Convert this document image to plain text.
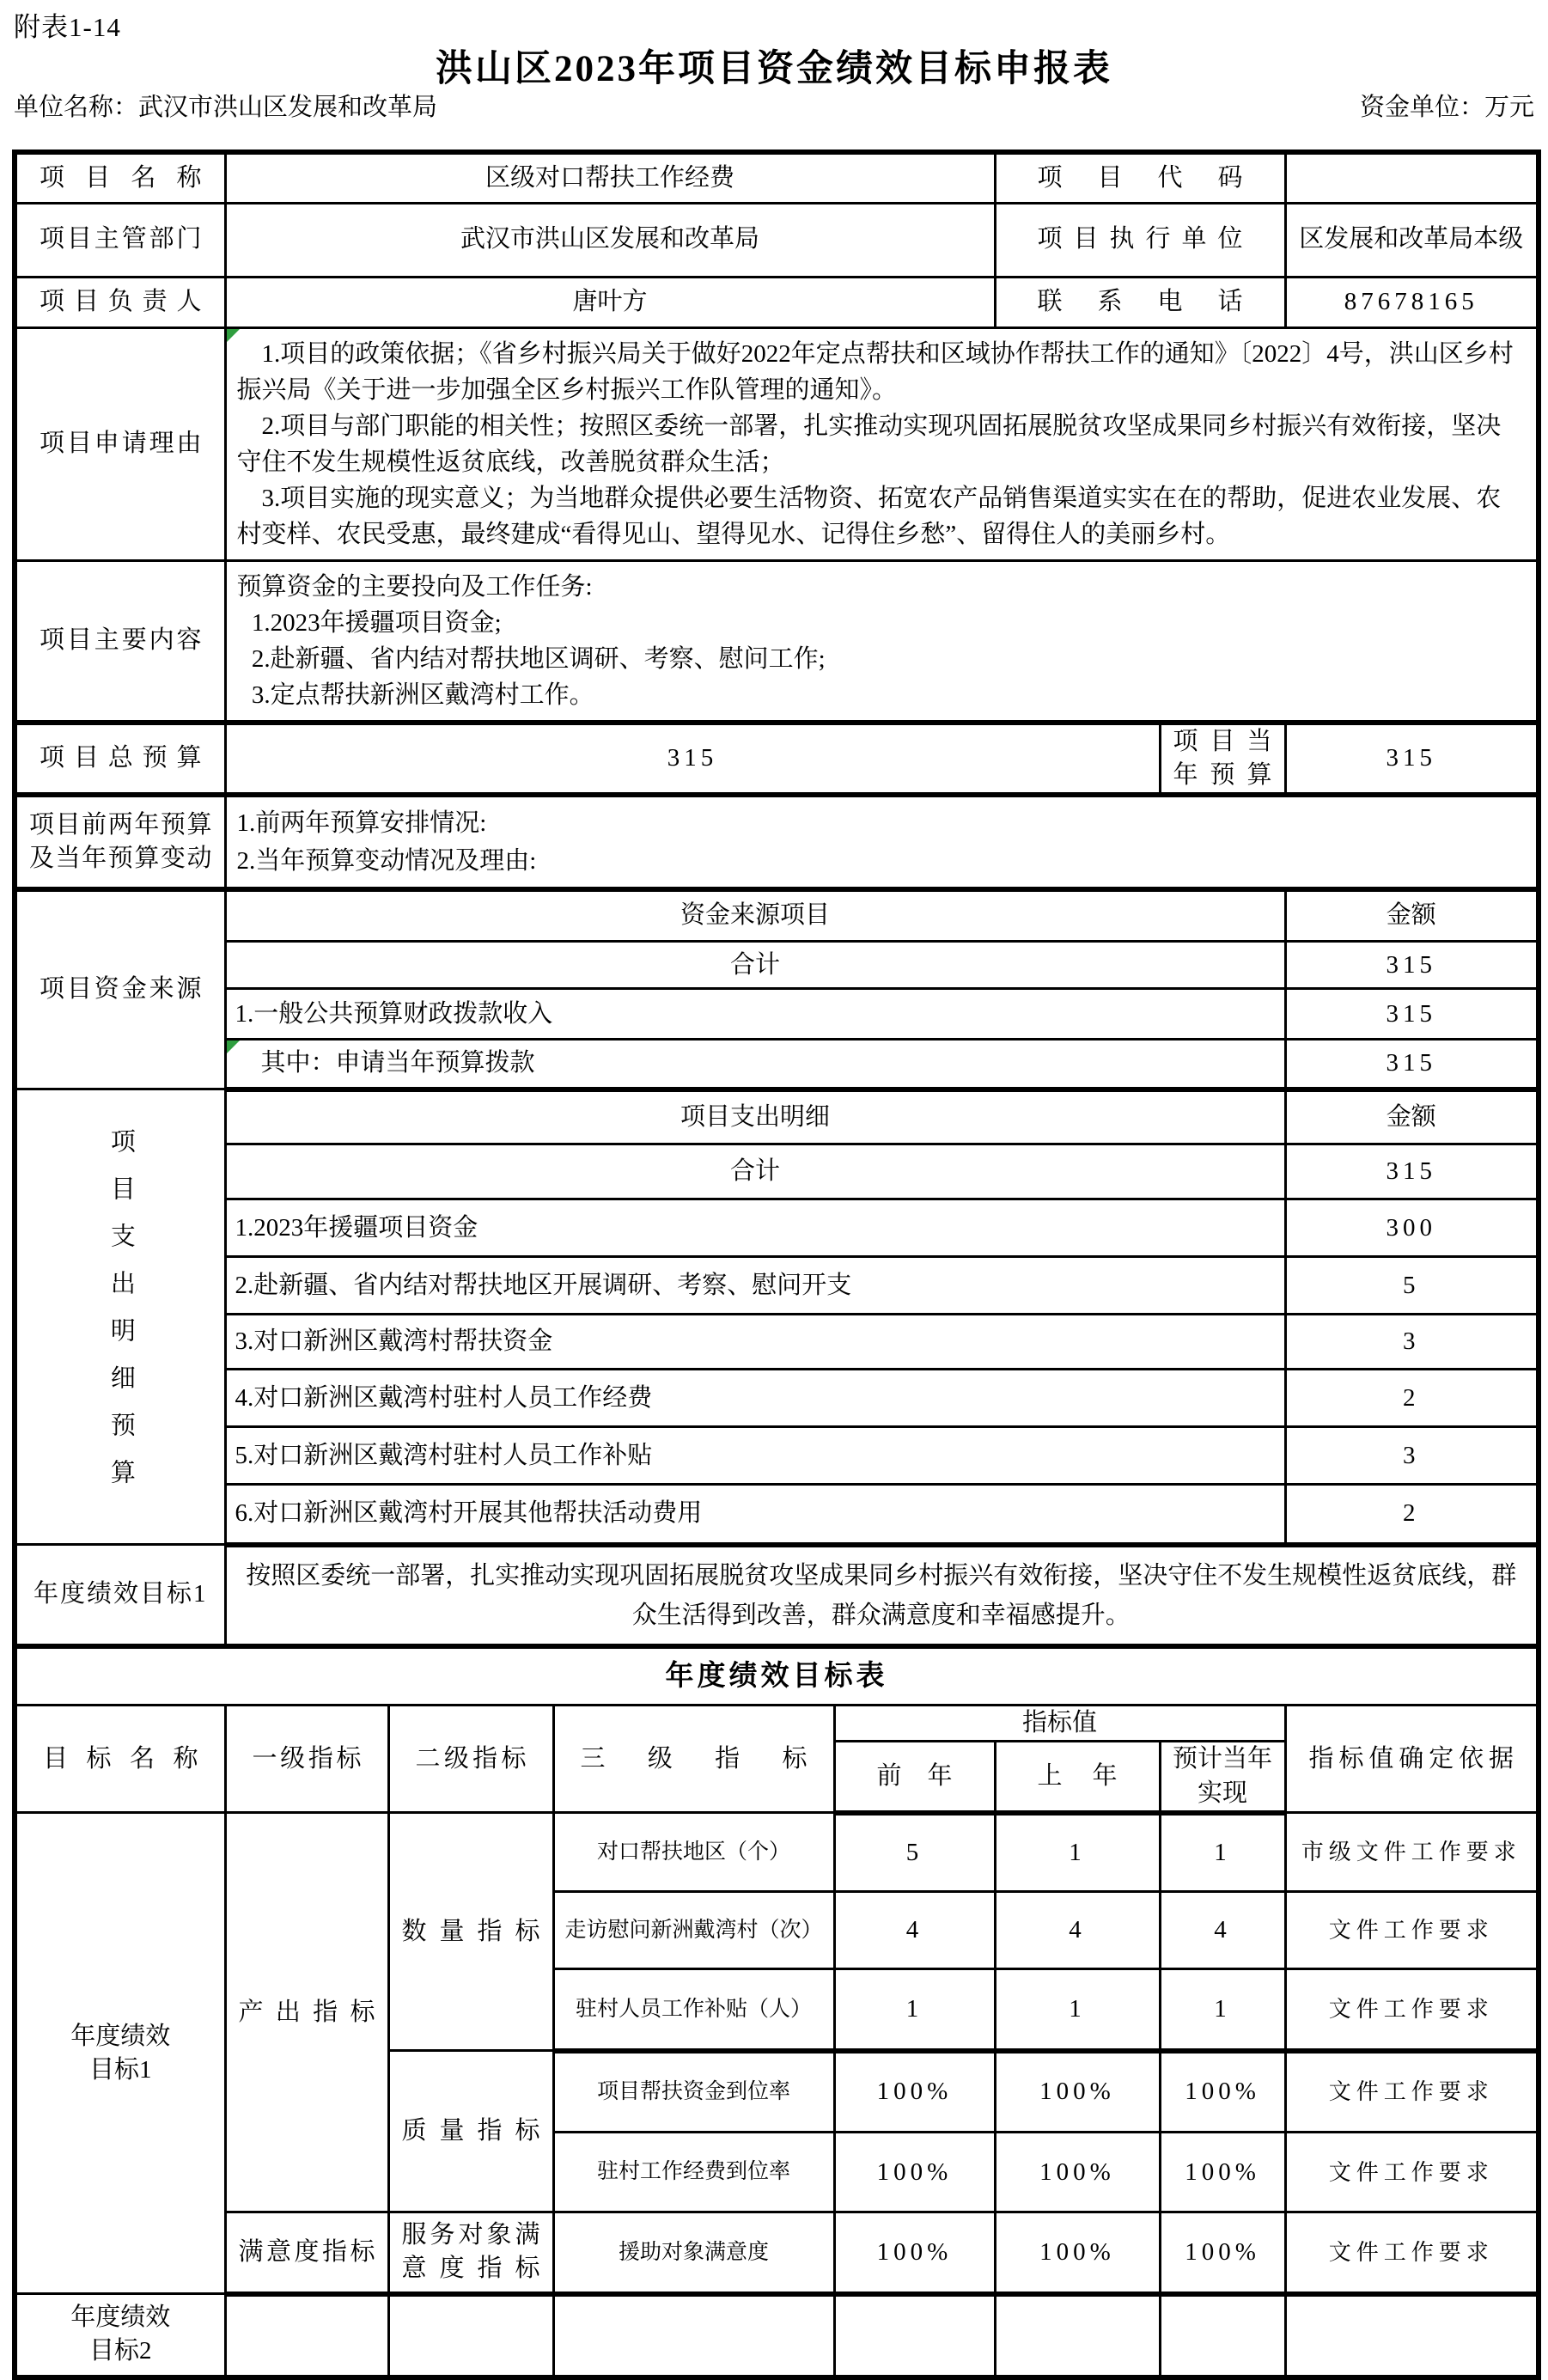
附表1-14
洪山区2023年项目资金绩效目标申报表
单位名称：武汉市洪山区发展和改革局	资金单位：万元
项目名称	区级对口帮扶工作经费				项目代码		
项目主管部门	武汉市洪山区发展和改革局				项目执行单位		区发展和改革局本级
项目负责人	唐叶方				联系电话		87678165
项目申请理由	1.项目的政策依据；《省乡村振兴局关于做好2022年定点帮扶和区域协作帮扶工作的通知》〔2022〕4号，洪山区乡村振兴局《关于进一步加强全区乡村振兴工作队管理的通知》。

2.项目与部门职能的相关性；按照区委统一部署，扎实推动实现巩固拓展脱贫攻坚成果同乡村振兴有效衔接，坚决守住不发生规模性返贫底线，改善脱贫群众生活；

3.项目实施的现实意义；为当地群众提供必要生活物资、拓宽农产品销售渠道实实在在的帮助，促进农业发展、农村变样、农民受惠，最终建成“看得见山、望得见水、记得住乡愁”、留得住人的美丽乡村。						

项目主要内容	预算资金的主要投向及工作任务:

1.2023年援疆项目资金;

2.赴新疆、省内结对帮扶地区调研、考察、慰问工作;

3.定点帮扶新洲区戴湾村工作。						

项目总预算	315					项目当年预算	315
项目前两年预算及当年预算变动	1.前两年预算安排情况:

2.当年预算变动情况及理由:						

项目资金来源	资金来源项目						金额
	合计						315
	1.一般公共预算财政拨款收入						315

其中：申请当年预算拨款						315

项目支出明细预算	项目支出明细						金额
	合计						315
	1.2023年援疆项目资金						300
	2.赴新疆、省内结对帮扶地区开展调研、考察、慰问开支						5
	3.对口新洲区戴湾村帮扶资金						3
	4.对口新洲区戴湾村驻村人员工作经费						2
	5.对口新洲区戴湾村驻村人员工作补贴						3
	6.对口新洲区戴湾村开展其他帮扶活动费用						2
年度绩效目标1	按照区委统一部署，扎实推动实现巩固拓展脱贫攻坚成果同乡村振兴有效衔接，坚决守住不发生规模性返贫底线，群众生活得到改善，群众满意度和幸福感提升。						
年度绩效目标表							
目标名称	一级指标	二级指标	三级指标	指标值			指标值确定依据
				前年	上年	预计当年实现	

年度绩效目标1	产出指标	数量指标	对口帮扶地区（个）	5	1	1	市级文件工作要求
			走访慰问新洲戴湾村（次）	4	4	4	文件工作要求
			驻村人员工作补贴（人）	1	1	1	文件工作要求
		质量指标	项目帮扶资金到位率	100%	100%	100%	文件工作要求
			驻村工作经费到位率	100%	100%	100%	文件工作要求
	满意度指标	服务对象满意度指标	援助对象满意度	100%	100%	100%	文件工作要求

年度绩效目标2							
